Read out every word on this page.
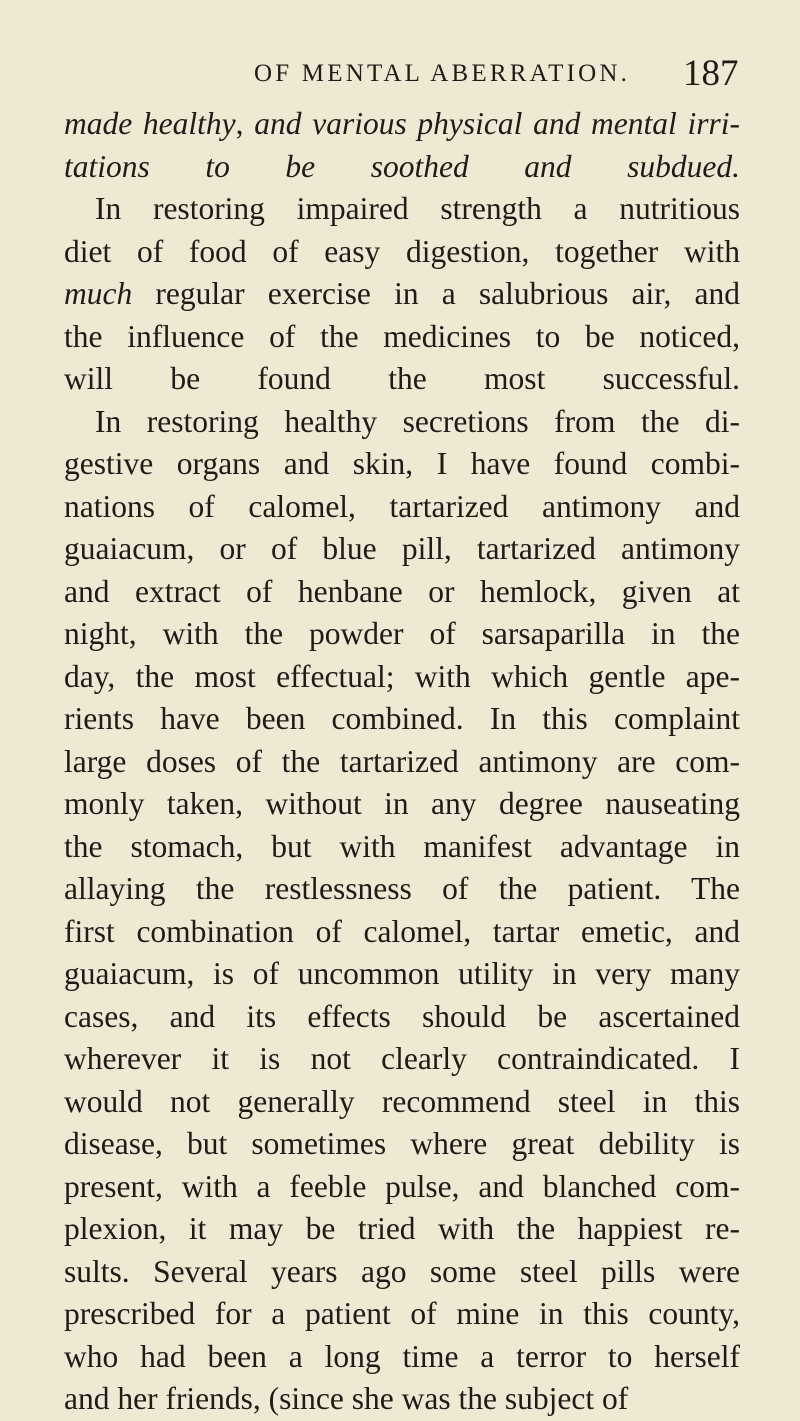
OF MENTAL ABERRATION. 187
made healthy, and various physical and mental irri-
tations to be soothed and subdued.
In restoring impaired strength a nutritious
diet of food of easy digestion, together with
much regular exercise in a salubrious air, and
the influence of the medicines to be noticed,
will be found the most successful.
In restoring healthy secretions from the di-
gestive organs and skin, I have found combi-
nations of calomel, tartarized antimony and
guaiacum, or of blue pill, tartarized antimony
and extract of henbane or hemlock, given at
night, with the powder of sarsaparilla in the
day, the most effectual; with which gentle ape-
rients have been combined. In this complaint
large doses of the tartarized antimony are com-
monly taken, without in any degree nauseating
the stomach, but with manifest advantage in
allaying the restlessness of the patient. The
first combination of calomel, tartar emetic, and
guaiacum, is of uncommon utility in very many
cases, and its effects should be ascertained
wherever it is not clearly contraindicated. I
would not generally recommend steel in this
disease, but sometimes where great debility is
present, with a feeble pulse, and blanched com-
plexion, it may be tried with the happiest re-
sults. Several years ago some steel pills were
prescribed for a patient of mine in this county,
who had been a long time a terror to herself
and her friends, (since she was the subject of
